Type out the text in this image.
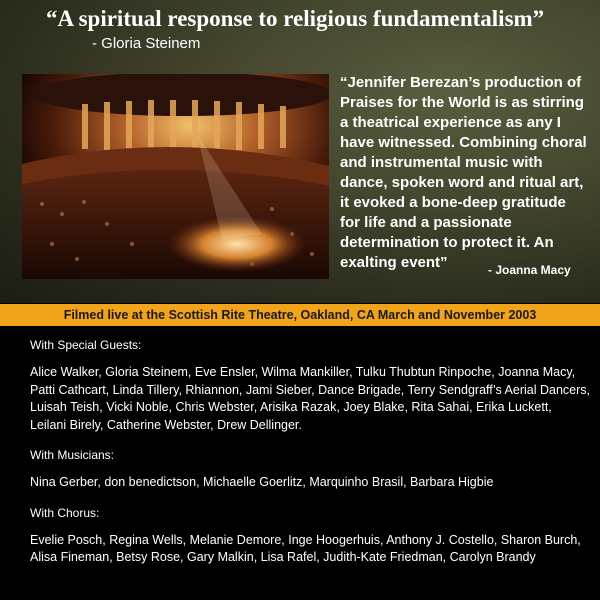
“A spiritual response to religious fundamentalism”
- Gloria Steinem
“Jennifer Berezan’s production of Praises for the World is as stirring a theatrical experience as any I have witnessed. Combining choral and instrumental music with dance, spoken word and ritual art, it evoked a bone-deep gratitude for life and a passionate determination to protect it. An exalting event”	- Joanna Macy
Filmed live at the Scottish Rite Theatre, Oakland, CA March and November 2003
With Special Guests:
Alice Walker, Gloria Steinem, Eve Ensler, Wilma Mankiller, Tulku Thubtun Rinpoche, Joanna Macy, Patti Cathcart, Linda Tillery, Rhiannon, Jami Sieber, Dance Brigade, Terry Sendgraff’s Aerial Dancers, Luisah Teish, Vicki Noble, Chris Webster, Arisika Razak, Joey Blake, Rita Sahai, Erika Luckett, Leilani Birely, Catherine Webster, Drew Dellinger.
With Musicians:
Nina Gerber, don benedictson, Michaelle Goerlitz, Marquinho Brasil, Barbara Higbie
With Chorus:
Evelie Posch, Regina Wells, Melanie Demore, Inge Hoogerhuis, Anthony J. Costello, Sharon Burch, Alisa Fineman, Betsy Rose, Gary Malkin, Lisa Rafel, Judith-Kate Friedman, Carolyn Brandy
